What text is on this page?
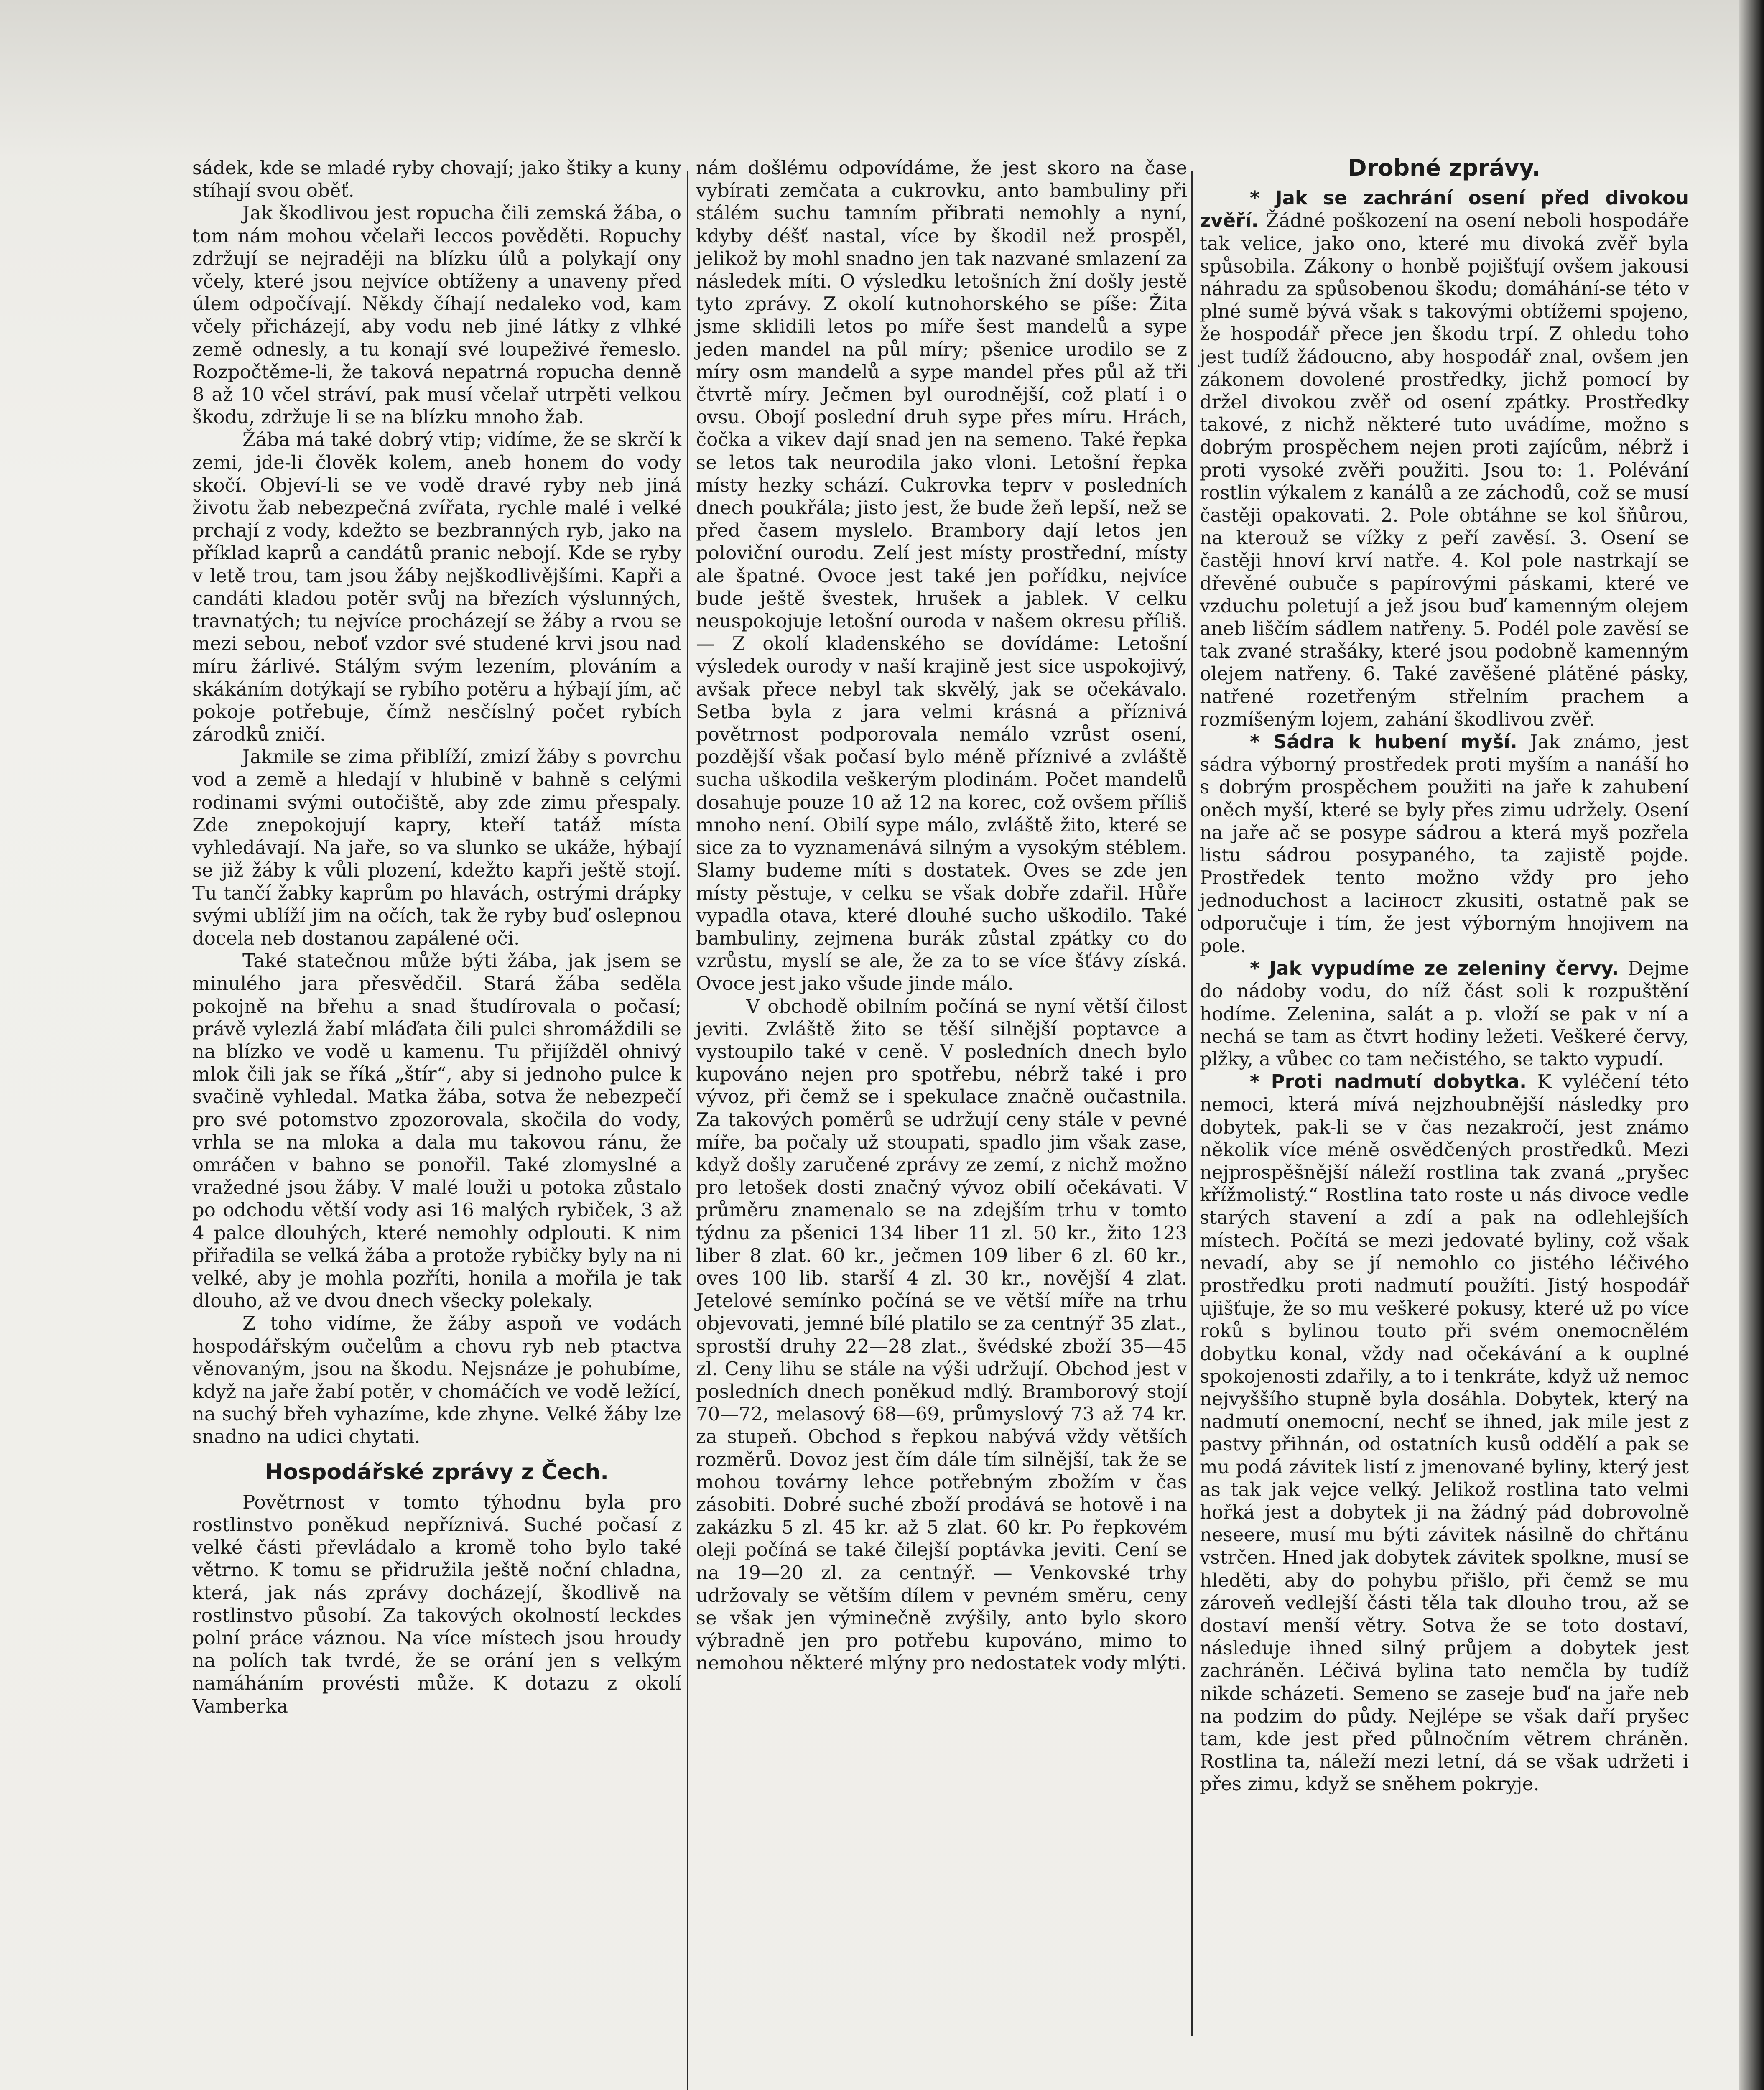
sádek, kde se mladé ryby chovají; jako štiky a kuny stíhají svou oběť.

Jak škodlivou jest ropucha čili zemská žába, o tom nám mohou včelaři leccos pověděti. Ropuchy zdržují se nejraději na blízku úlů a polykají ony včely, které jsou nejvíce obtíženy a unaveny před úlem odpočívají. Někdy číhají nedaleko vod, kam včely přicházejí, aby vodu neb jiné látky z vlhké země odnesly, a tu konají své loupeživé řemeslo. Rozpočtěme-li, že taková nepatrná ropucha denně 8 až 10 včel stráví, pak musí včelař utrpěti velkou škodu, zdržuje li se na blízku mnoho žab.

Žába má také dobrý vtip; vidíme, že se skrčí k zemi, jde-li člověk kolem, aneb honem do vody skočí. Objeví-li se ve vodě dravé ryby neb jiná životu žab nebezpečná zvířata, rychle malé i velké prchají z vody, kdežto se bezbranných ryb, jako na příklad kaprů a candátů pranic nebojí. Kde se ryby v letě trou, tam jsou žáby nejškodlivějšími. Kapři a candáti kladou potěr svůj na březích výslunných, travnatých; tu nejvíce procházejí se žáby a rvou se mezi sebou, neboť vzdor své studené krvi jsou nad míru žárlivé. Stálým svým lezením, plováním a skákáním dotýkají se rybího potěru a hýbají jím, ač pokoje potřebuje, čímž nesčíslný počet rybích zárodků zničí.

Jakmile se zima přiblíží, zmizí žáby s povrchu vod a země a hledají v hlubině v bahně s celými rodinami svými outočiště, aby zde zimu přespaly. Zde znepokojují kapry, kteří tatáž místa vyhledávají. Na jaře, so va slunko se ukáže, hýbají se již žáby k vůli plození, kdežto kapři ještě stojí. Tu tančí žabky kaprům po hlavách, ostrými drápky svými ublíží jim na očích, tak že ryby buď oslepnou docela neb dostanou zapálené oči.

Také statečnou může býti žába, jak jsem se minulého jara přesvědčil. Stará žába seděla pokojně na břehu a snad študírovala o počasí; právě vylezlá žabí mláďata čili pulci shromáždili se na blízko ve vodě u kamenu. Tu přijížděl ohnivý mlok čili jak se říká „štír“, aby si jednoho pulce k svačině vyhledal. Matka žába, sotva že nebezpečí pro své potomstvo zpozorovala, skočila do vody, vrhla se na mloka a dala mu takovou ránu, že omráčen v bahno se ponořil. Také zlomyslné a vražedné jsou žáby. V malé louži u potoka zůstalo po odchodu větší vody asi 16 malých rybiček, 3 až 4 palce dlouhých, které nemohly odplouti. K nim přiřadila se velká žába a protože rybičky byly na ni velké, aby je mohla pozříti, honila a mořila je tak dlouho, až ve dvou dnech všecky polekaly.

Z toho vidíme, že žáby aspoň ve vodách hospodářským oučelům a chovu ryb neb ptactva věnovaným, jsou na škodu. Nejsnáze je pohubíme, když na jaře žabí potěr, v chomáčích ve vodě ležící, na suchý břeh vyhazíme, kde zhyne. Velké žáby lze snadno na udici chytati.

Hospodářské zprávy z Čech.

Povětrnost v tomto týhodnu byla pro rostlinstvo poněkud nepříznivá. Suché počasí z velké části převládalo a kromě toho bylo také větrno. K tomu se přidružila ještě noční chladna, která, jak nás zprávy docházejí, škodlivě na rostlinstvo působí. Za takových okolností leckdes polní práce váznou. Na více místech jsou hroudy na polích tak tvrdé, že se orání jen s velkým namáháním provésti může. K dotazu z okolí Vamberka

nám došlému odpovídáme, že jest skoro na čase vybírati zemčata a cukrovku, anto bambuliny při stálém suchu tamním přibrati nemohly a nyní, kdyby déšť nastal, více by škodil než prospěl, jelikož by mohl snadno jen tak nazvané smlazení za následek míti. O výsledku letošních žní došly jestě tyto zprávy. Z okolí kutnohorského se píše: Žita jsme sklidili letos po míře šest mandelů a sype jeden mandel na půl míry; pšenice urodilo se z míry osm mandelů a sype mandel přes půl až tři čtvrtě míry. Ječmen byl ourodnější, což platí i o ovsu. Obojí poslední druh sype přes míru. Hrách, čočka a vikev dají snad jen na semeno. Také řepka se letos tak neurodila jako vloni. Letošní řepka místy hezky schází. Cukrovka teprv v posledních dnech poukřála; jisto jest, že bude žeň lepší, než se před časem myslelo. Brambory dají letos jen poloviční ourodu. Zelí jest místy prostřední, místy ale špatné. Ovoce jest také jen pořídku, nejvíce bude ještě švestek, hrušek a jablek. V celku neuspokojuje letošní ouroda v našem okresu příliš. — Z okolí kladenského se dovídáme: Letošní výsledek ourody v naší krajině jest sice uspokojivý, avšak přece nebyl tak skvělý, jak se očekávalo. Setba byla z jara velmi krásná a příznivá povětrnost podporovala nemálo vzrůst osení, pozdější však počasí bylo méně příznivé a zvláště sucha uškodila veškerým plodinám. Počet mandelů dosahuje pouze 10 až 12 na korec, což ovšem příliš mnoho není. Obilí sype málo, zvláště žito, které se sice za to vyznamenává silným a vysokým stéblem. Slamy budeme míti s dostatek. Oves se zde jen místy pěstuje, v celku se však dobře zdařil. Hůře vypadla otava, které dlouhé sucho uškodilo. Také bambuliny, zejmena burák zůstal zpátky co do vzrůstu, myslí se ale, že za to se více šťávy získá. Ovoce jest jako všude jinde málo.

V obchodě obilním počíná se nyní větší čilost jeviti. Zvláště žito se těší silnější poptavce a vystoupilo také v ceně. V posledních dnech bylo kupováno nejen pro spotřebu, nébrž také i pro vývoz, při čemž se i spekulace značně oučastnila. Za takových poměrů se udržují ceny stále v pevné míře, ba počaly už stoupati, spadlo jim však zase, když došly zaručené zprávy ze zemí, z nichž možno pro letošek dosti značný vývoz obilí očekávati. V průměru znamenalo se na zdejším trhu v tomto týdnu za pšenici 134 liber 11 zl. 50 kr., žito 123 liber 8 zlat. 60 kr., ječmen 109 liber 6 zl. 60 kr., oves 100 lib. starší 4 zl. 30 kr., novější 4 zlat. Jetelové semínko počíná se ve větší míře na trhu objevovati, jemné bílé platilo se za centnýř 35 zlat., sprostší druhy 22—28 zlat., švédské zboží 35—45 zl. Ceny lihu se stále na výši udržují. Obchod jest v posledních dnech poněkud mdlý. Bramborový stojí 70—72, melasový 68—69, průmyslový 73 až 74 kr. za stupeň. Obchod s řepkou nabývá vždy větších rozměrů. Dovoz jest čím dále tím silnější, tak že se mohou továrny lehce potřebným zbožím v čas zásobiti. Dobré suché zboží prodává se hotově i na zakázku 5 zl. 45 kr. až 5 zlat. 60 kr. Po řepkovém oleji počíná se také čilejší poptávka jeviti. Cení se na 19—20 zl. za centnýř. — Venkovské trhy udržovaly se větším dílem v pevném směru, ceny se však jen výminečně zvýšily, anto bylo skoro výbradně jen pro potřebu kupováno, mimo to nemohou některé mlýny pro nedostatek vody mlýti.

Drobné zprávy.

* Jak se zachrání osení před divokou zvěří. Žádné poškození na osení neboli hospodáře tak velice, jako ono, které mu divoká zvěř byla spůsobila. Zákony o honbě pojišťují ovšem jakousi náhradu za spůsobenou škodu; domáhání-se této v plné sumě bývá však s takovými obtížemi spojeno, že hospodář přece jen škodu trpí. Z ohledu toho jest tudíž žádoucno, aby hospodář znal, ovšem jen zákonem dovolené prostředky, jichž pomocí by držel divokou zvěř od osení zpátky. Prostředky takové, z nichž některé tuto uvádíme, možno s dobrým prospěchem nejen proti zajícům, nébrž i proti vysoké zvěři použiti. Jsou to: 1. Polévání rostlin výkalem z kanálů a ze záchodů, což se musí častěji opakovati. 2. Pole obtáhne se kol šňůrou, na kterouž se vížky z peří zavěsí. 3. Osení se častěji hnoví krví natře. 4. Kol pole nastrkají se dřevěné oubuče s papírovými páskami, které ve vzduchu poletují a jež jsou buď kamenným olejem aneb liščím sádlem natřeny. 5. Podél pole zavěsí se tak zvané strašáky, které jsou podobně kamenným olejem natřeny. 6. Také zavěšené plátěné pásky, natřené rozetřeným střelním prachem a rozmíšeným lojem, zahání škodlivou zvěř.

* Sádra k hubení myší. Jak známo, jest sádra výborný prostředek proti myším a nanáší ho s dobrým prospěchem použiti na jaře k zahubení oněch myší, které se byly přes zimu udržely. Osení na jaře ač se posype sádrou a která myš pozřela listu sádrou posypaného, ta zajistě pojde. Prostředek tento možno vždy pro jeho jednoduchost a laciност zkusiti, ostatně pak se odporučuje i tím, že jest výborným hnojivem na pole.

* Jak vypudíme ze zeleniny červy. Dejme do nádoby vodu, do níž část soli k rozpuštění hodíme. Zelenina, salát a p. vloží se pak v ní a nechá se tam as čtvrt hodiny ležeti. Veškeré červy, plžky, a vůbec co tam nečistého, se takto vypudí.

* Proti nadmutí dobytka. K vyléčení této nemoci, která mívá nejzhoubnější následky pro dobytek, pak-li se v čas nezakročí, jest známo několik více méně osvědčených prostředků. Mezi nejprospěšnější náleží rostlina tak zvaná „pryšec křížmolistý.“ Rostlina tato roste u nás divoce vedle starých stavení a zdí a pak na odlehlejších místech. Počítá se mezi jedovaté byliny, což však nevadí, aby se jí nemohlo co jistého léčivého prostředku proti nadmutí použíti. Jistý hospodář ujišťuje, že so mu veškeré pokusy, které už po více roků s bylinou touto při svém onemocnělém dobytku konal, vždy nad očekávání a k ouplné spokojenosti zdařily, a to i tenkráte, když už nemoc nejvyššího stupně byla dosáhla. Dobytek, který na nadmutí onemocní, nechť se ihned, jak mile jest z pastvy přihnán, od ostatních kusů oddělí a pak se mu podá závitek listí z jmenované byliny, který jest as tak jak vejce velký. Jelikož rostlina tato velmi hořká jest a dobytek ji na žádný pád dobrovolně neseere, musí mu býti závitek násilně do chřtánu vstrčen. Hned jak dobytek závitek spolkne, musí se hleděti, aby do pohybu přišlo, při čemž se mu zároveň vedlejší části těla tak dlouho trou, až se dostaví menší větry. Sotva že se toto dostaví, následuje ihned silný průjem a dobytek jest zachráněn. Léčivá bylina tato nemčla by tudíž nikde scházeti. Semeno se zaseje buď na jaře neb na podzim do půdy. Nejlépe se však daří pryšec tam, kde jest před půlnočním větrem chráněn. Rostlina ta, náleží mezi letní, dá se však udržeti i přes zimu, když se sněhem pokryje.
